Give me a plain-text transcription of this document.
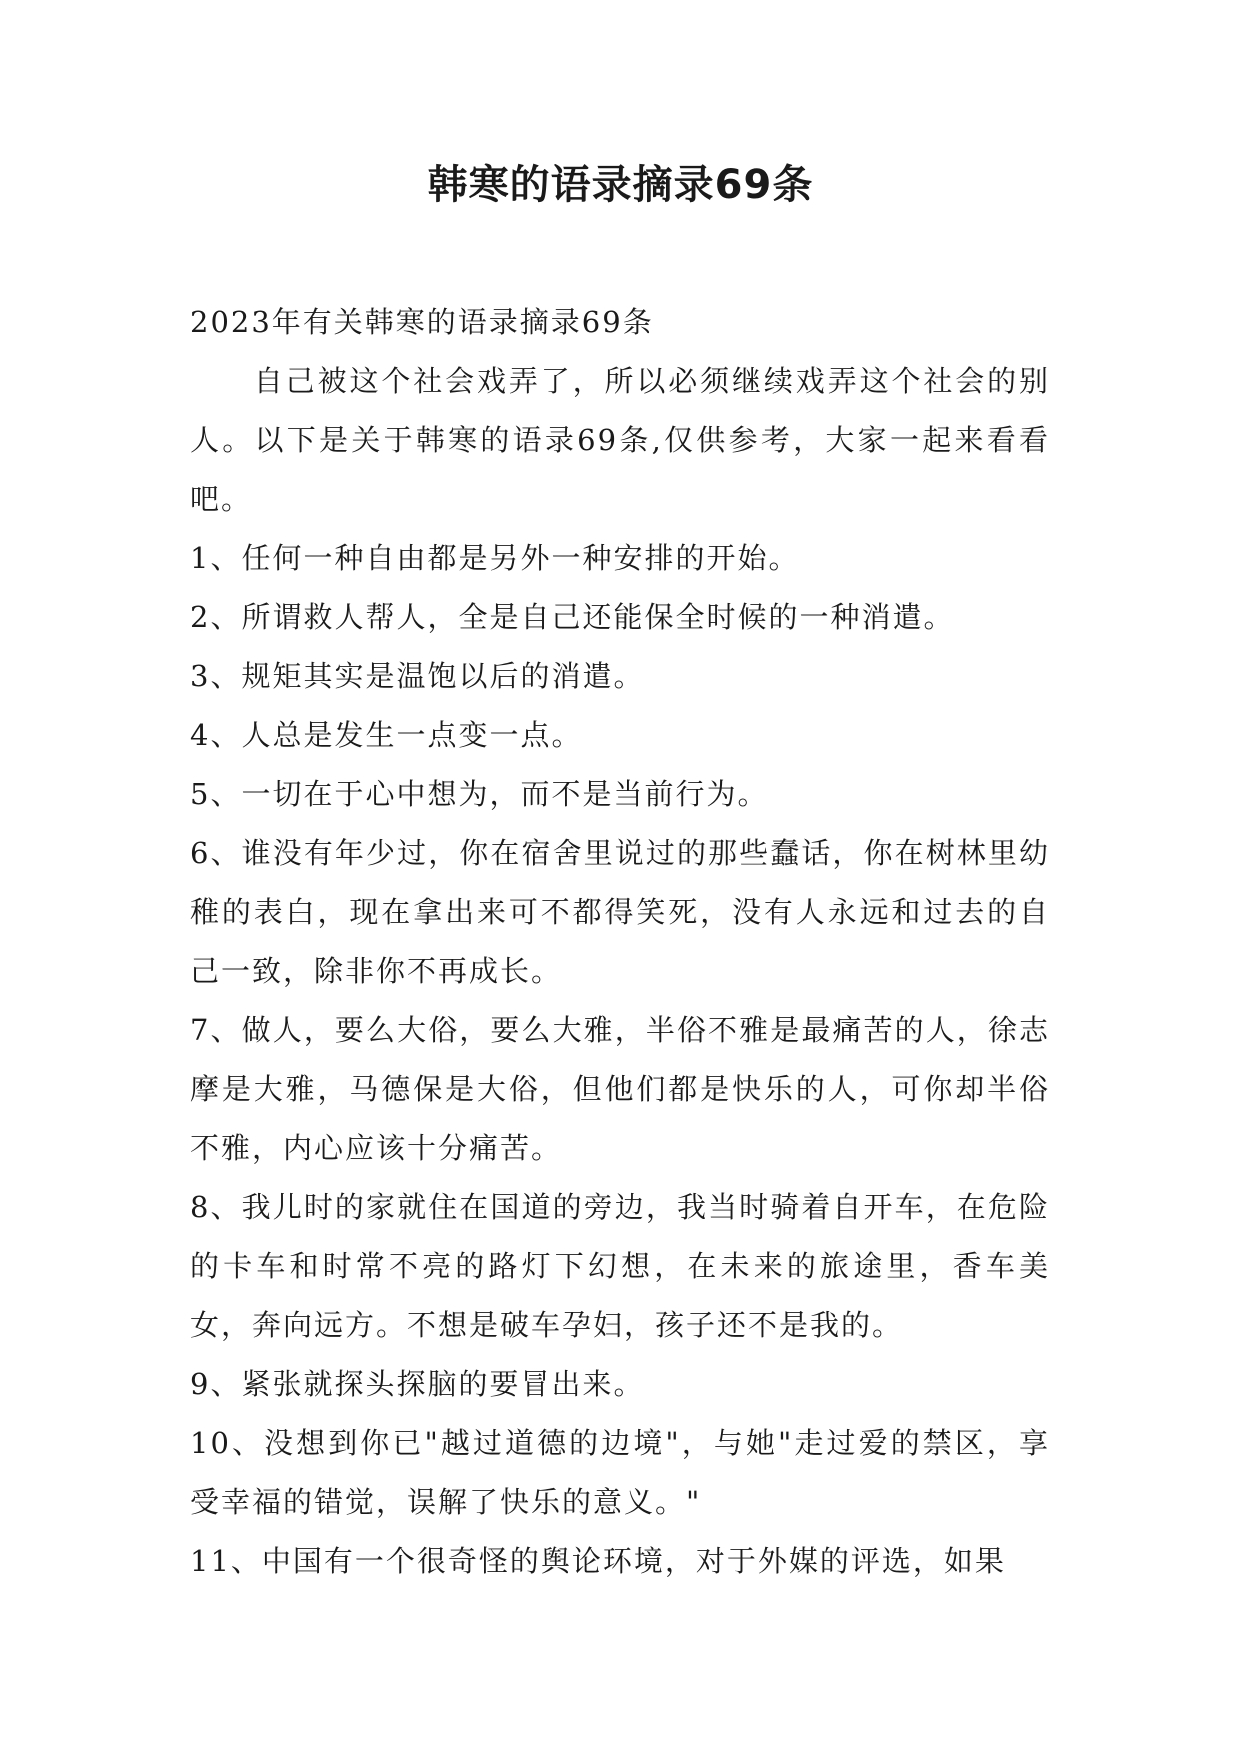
韩寒的语录摘录69条

2023年有关韩寒的语录摘录69条

自己被这个社会戏弄了，所以必须继续戏弄这个社会的别人。以下是关于韩寒的语录69条,仅供参考，大家一起来看看吧。

1、任何一种自由都是另外一种安排的开始。

2、所谓救人帮人，全是自己还能保全时候的一种消遣。

3、规矩其实是温饱以后的消遣。

4、人总是发生一点变一点。

5、一切在于心中想为，而不是当前行为。

6、谁没有年少过，你在宿舍里说过的那些蠢话，你在树林里幼稚的表白，现在拿出来可不都得笑死，没有人永远和过去的自己一致，除非你不再成长。

7、做人，要么大俗，要么大雅，半俗不雅是最痛苦的人，徐志摩是大雅，马德保是大俗，但他们都是快乐的人，可你却半俗不雅，内心应该十分痛苦。

8、我儿时的家就住在国道的旁边，我当时骑着自开车，在危险的卡车和时常不亮的路灯下幻想，在未来的旅途里，香车美女，奔向远方。不想是破车孕妇，孩子还不是我的。

9、紧张就探头探脑的要冒出来。

10、没想到你已"越过道德的边境"，与她"走过爱的禁区，享受幸福的错觉，误解了快乐的意义。"

11、中国有一个很奇怪的舆论环境，对于外媒的评选，如果
